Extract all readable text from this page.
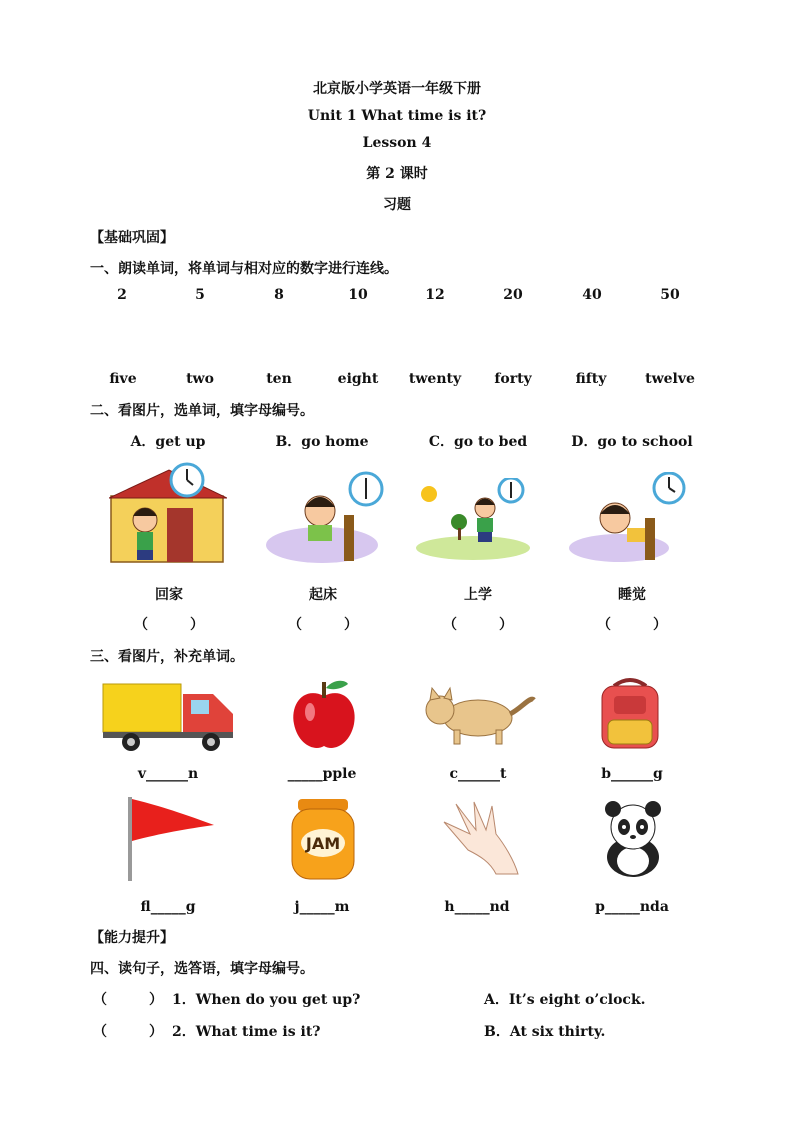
北京版小学英语一年级下册
Unit 1 What time is it?
Lesson 4
第 2 课时
习题
【基础巩固】
一、朗读单词，将单词与相对应的数字进行连线。
2	5	8	10	12	20	40	50
five	two	ten	eight twenty forty	fifty	twelve
二、看图片，选单词，填字母编号。
A．get up	B．go home	C．go to bed	D．go to school
回家	起床	上学	睡觉
（　　　）	（　　　）	（　　　）	（　　　）
三、看图片，补充单词。
v______n	_____pple	c______t	b______g
JAM
fl_____g	j_____m	h_____nd	p_____nda
【能力提升】
四、读句子，选答语，填字母编号。
（　　　） 1．When do you get up?	A．It’s eight o’clock.
（　　　） 2．What time is it?	B．At six thirty.
